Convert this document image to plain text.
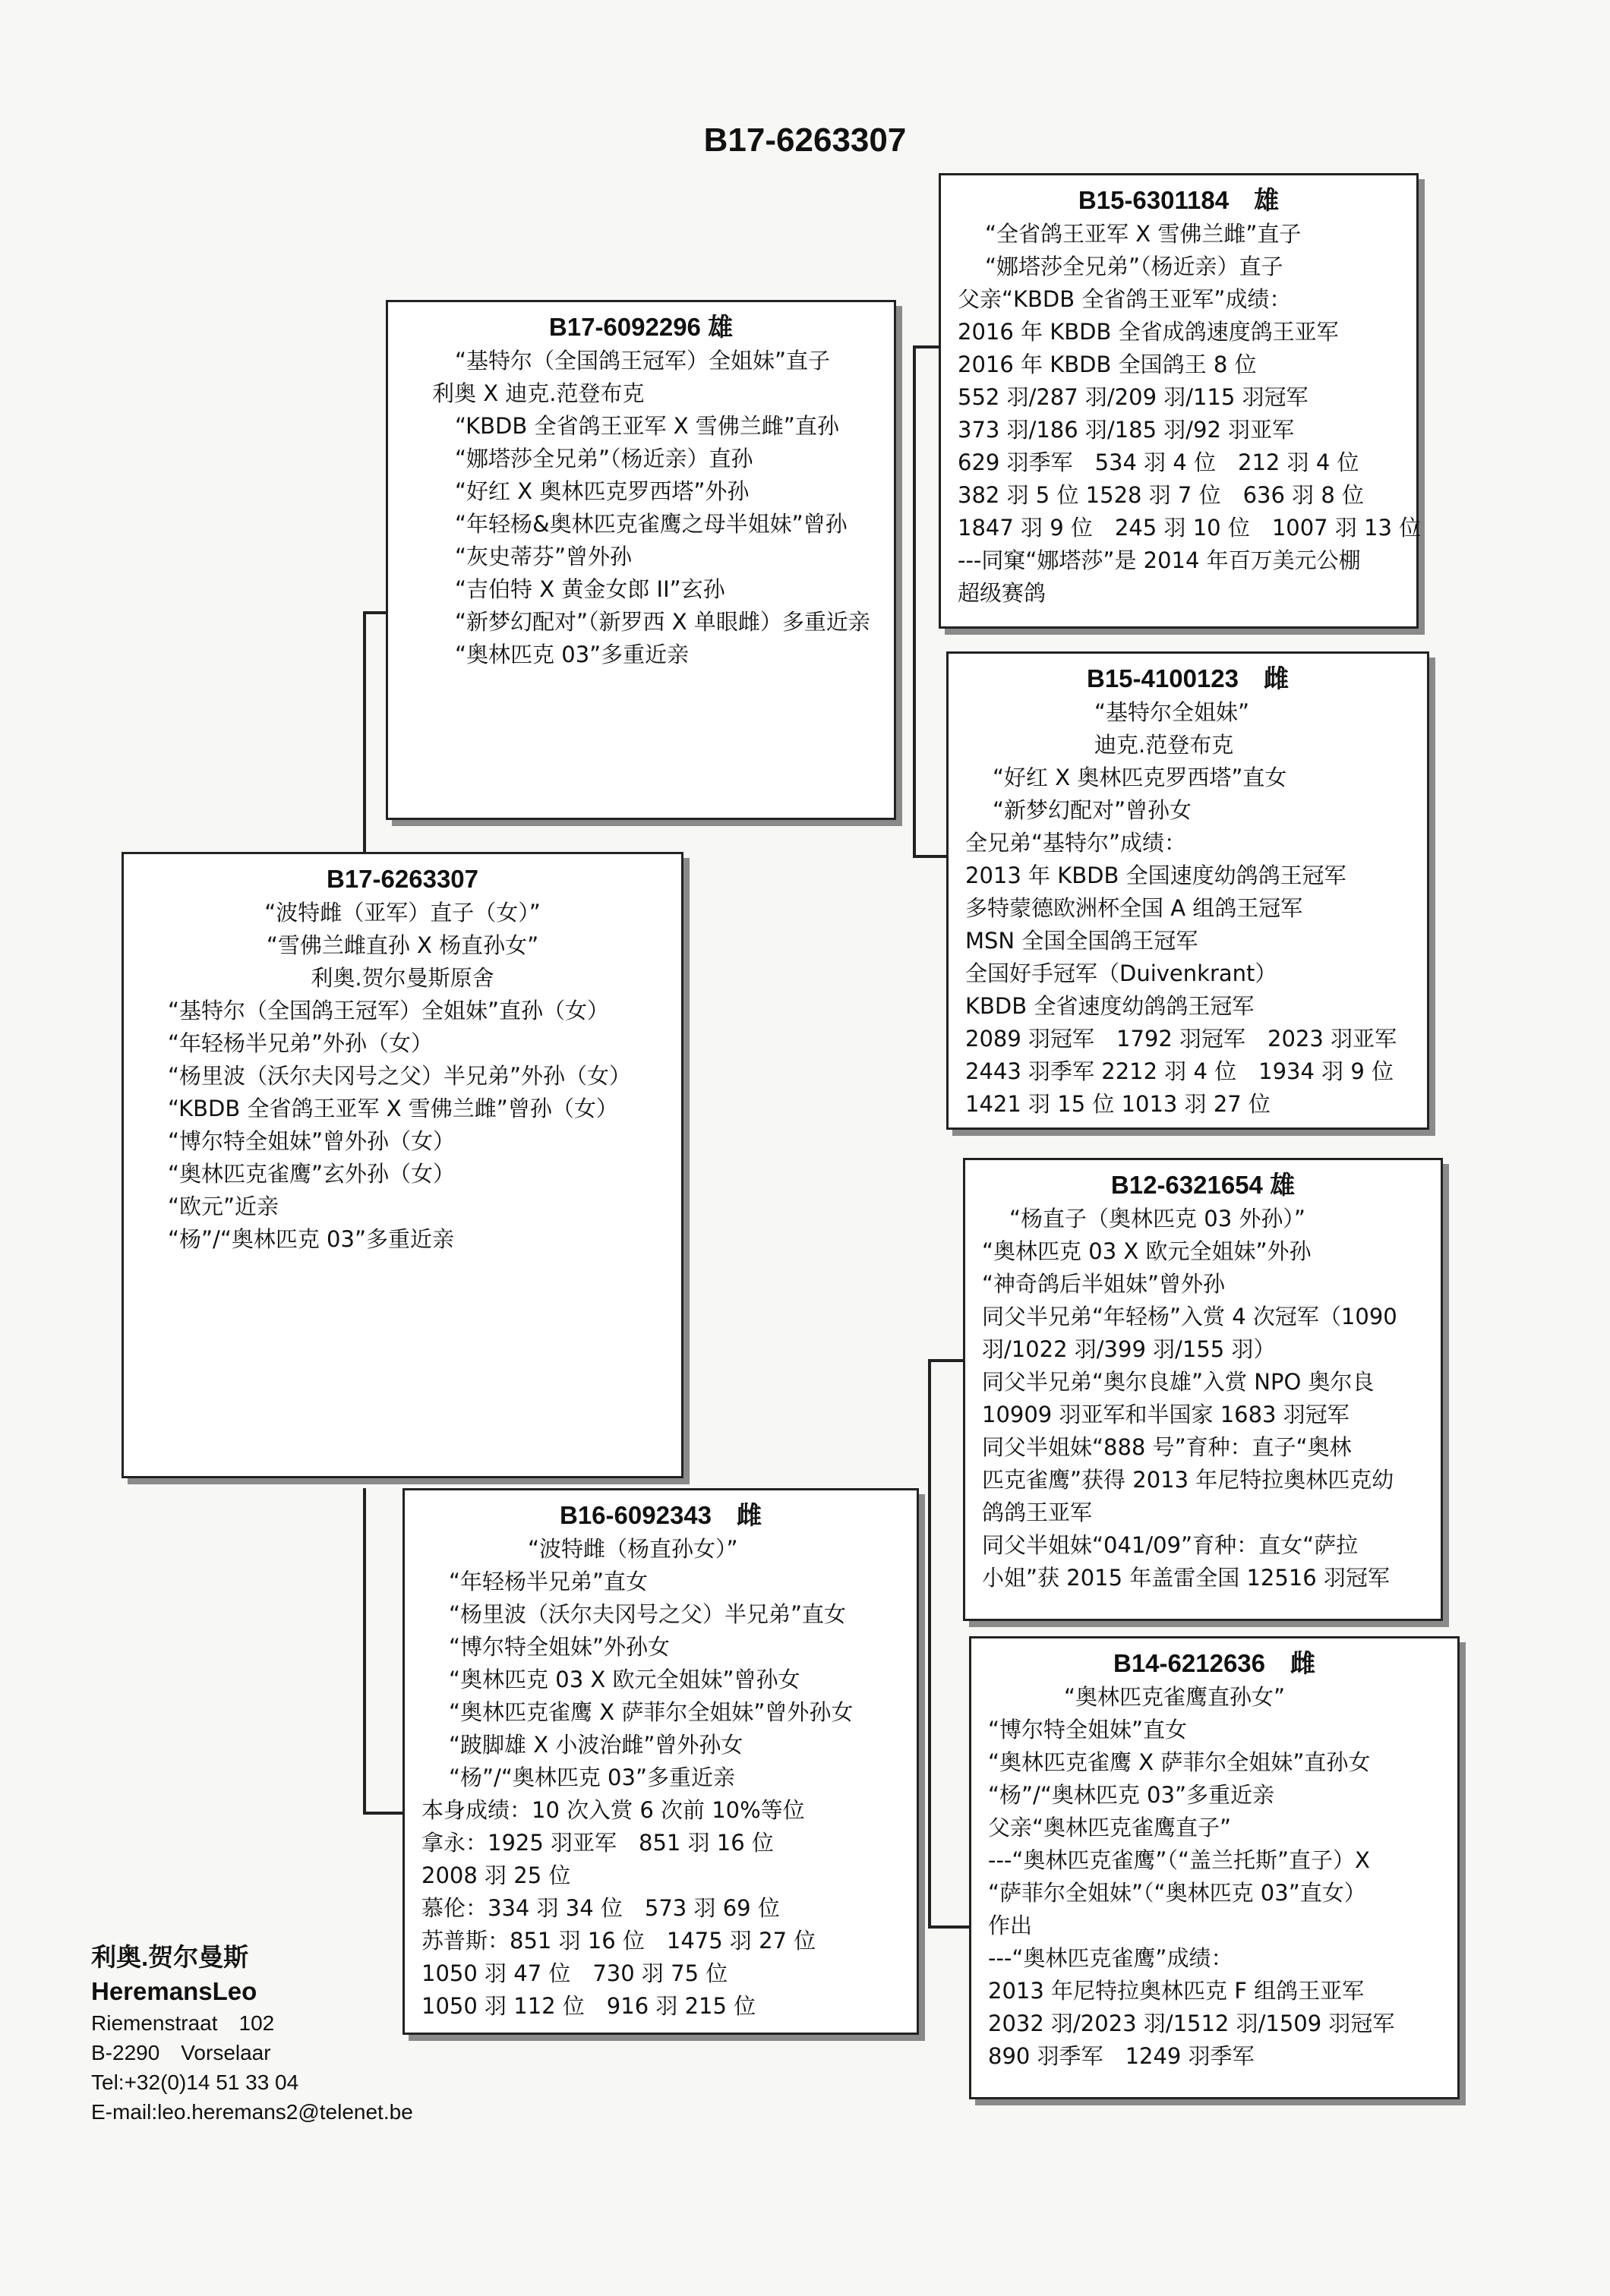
B17-6263307
B17-6263307
“波特雌（亚军）直子（女）”
“雪佛兰雌直孙 X 杨直孙女”
利奥.贺尔曼斯原舍
“基特尔（全国鸽王冠军）全姐妹”直孙（女）
“年轻杨半兄弟”外孙（女）
“杨里波（沃尔夫冈号之父）半兄弟”外孙（女）
“KBDB 全省鸽王亚军 X 雪佛兰雌”曾孙（女）
“博尔特全姐妹”曾外孙（女）
“奥林匹克雀鹰”玄外孙（女）
“欧元”近亲
“杨”/“奥林匹克 03”多重近亲
B17-6092296 雄
“基特尔（全国鸽王冠军）全姐妹”直子
利奥 X 迪克.范登布克
“KBDB 全省鸽王亚军 X 雪佛兰雌”直孙
“娜塔莎全兄弟”（杨近亲）直孙
“好红 X 奥林匹克罗西塔”外孙
“年轻杨&奥林匹克雀鹰之母半姐妹”曾孙
“灰史蒂芬”曾外孙
“吉伯特 X 黄金女郎 II”玄孙
“新梦幻配对”（新罗西 X 单眼雌）多重近亲
“奥林匹克 03”多重近亲
B16-6092343　雌
“波特雌（杨直孙女）”
“年轻杨半兄弟”直女
“杨里波（沃尔夫冈号之父）半兄弟”直女
“博尔特全姐妹”外孙女
“奥林匹克 03 X 欧元全姐妹”曾孙女
“奥林匹克雀鹰 X 萨菲尔全姐妹”曾外孙女
“跛脚雄 X 小波治雌”曾外孙女
“杨”/“奥林匹克 03”多重近亲
本身成绩：10 次入赏 6 次前 10%等位
拿永：1925 羽亚军　851 羽 16 位
2008 羽 25 位
慕伦：334 羽 34 位　573 羽 69 位
苏普斯：851 羽 16 位　1475 羽 27 位
1050 羽 47 位　730 羽 75 位
1050 羽 112 位　916 羽 215 位
B15-6301184　雄
“全省鸽王亚军 X 雪佛兰雌”直子
“娜塔莎全兄弟”（杨近亲）直子
父亲“KBDB 全省鸽王亚军”成绩：
2016 年 KBDB 全省成鸽速度鸽王亚军
2016 年 KBDB 全国鸽王 8 位
552 羽/287 羽/209 羽/115 羽冠军
373 羽/186 羽/185 羽/92 羽亚军
629 羽季军　534 羽 4 位　212 羽 4 位
382 羽 5 位 1528 羽 7 位　636 羽 8 位
1847 羽 9 位　245 羽 10 位　1007 羽 13 位
---同窠“娜塔莎”是 2014 年百万美元公棚
超级赛鸽
B15-4100123　雌
“基特尔全姐妹”
迪克.范登布克
“好红 X 奥林匹克罗西塔”直女
“新梦幻配对”曾孙女
全兄弟“基特尔”成绩：
2013 年 KBDB 全国速度幼鸽鸽王冠军
多特蒙德欧洲杯全国 A 组鸽王冠军
MSN 全国全国鸽王冠军
全国好手冠军（Duivenkrant）
KBDB 全省速度幼鸽鸽王冠军
2089 羽冠军　1792 羽冠军　2023 羽亚军
2443 羽季军 2212 羽 4 位　1934 羽 9 位
1421 羽 15 位 1013 羽 27 位
B12-6321654 雄
“杨直子（奥林匹克 03 外孙）”
“奥林匹克 03 X 欧元全姐妹”外孙
“神奇鸽后半姐妹”曾外孙
同父半兄弟“年轻杨”入赏 4 次冠军（1090
羽/1022 羽/399 羽/155 羽）
同父半兄弟“奥尔良雄”入赏 NPO 奥尔良
10909 羽亚军和半国家 1683 羽冠军
同父半姐妹“888 号”育种：直子“奥林
匹克雀鹰”获得 2013 年尼特拉奥林匹克幼
鸽鸽王亚军
同父半姐妹“041/09”育种：直女“萨拉
小姐”获 2015 年盖雷全国 12516 羽冠军
B14-6212636　雌
“奥林匹克雀鹰直孙女”
“博尔特全姐妹”直女
“奥林匹克雀鹰 X 萨菲尔全姐妹”直孙女
“杨”/“奥林匹克 03”多重近亲
父亲“奥林匹克雀鹰直子”
---“奥林匹克雀鹰”（“盖兰托斯”直子）X
“萨菲尔全姐妹”（“奥林匹克 03”直女）
作出
---“奥林匹克雀鹰”成绩：
2013 年尼特拉奥林匹克 F 组鸽王亚军
2032 羽/2023 羽/1512 羽/1509 羽冠军
890 羽季军　1249 羽季军
利奥.贺尔曼斯
HeremansLeo
Riemenstraat　102
B-2290　Vorselaar
Tel:+32(0)14 51 33 04
E-mail:leo.heremans2@telenet.be
